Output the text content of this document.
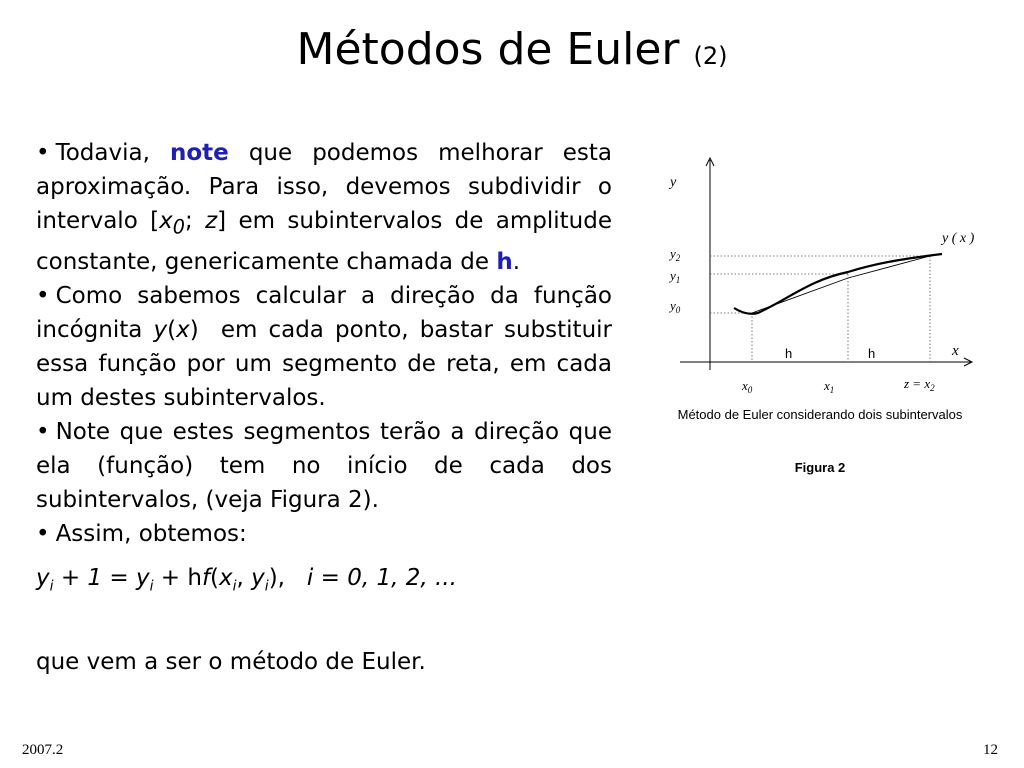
Métodos de Euler (2)

• Todavia, note que podemos melhorar esta aproximação. Para isso, devemos subdividir o intervalo [$x_0$; z] em subintervalos de amplitude constante, genericamente chamada de h.

• Como sabemos calcular a direção da função incógnita y(x) em cada ponto, bastar substituir essa função por um segmento de reta, em cada um destes subintervalos.

• Note que estes segmentos terão a direção que ela (função) tem no início de cada dos subintervalos, (veja Figura 2).

• Assim, obtemos:

$y_i + 1 = y_i + hf(x_i$, $y_i$), i = 0, 1, 2, ...
que vem a ser o método de Euler.
y
x
y ( x )
$y_2$
$y_1$
$y_0$
h	h
$x_0$	$x_1$	$z = x_2$
Método de Euler considerando dois subintervalos
Figura 2
2007.2	12
